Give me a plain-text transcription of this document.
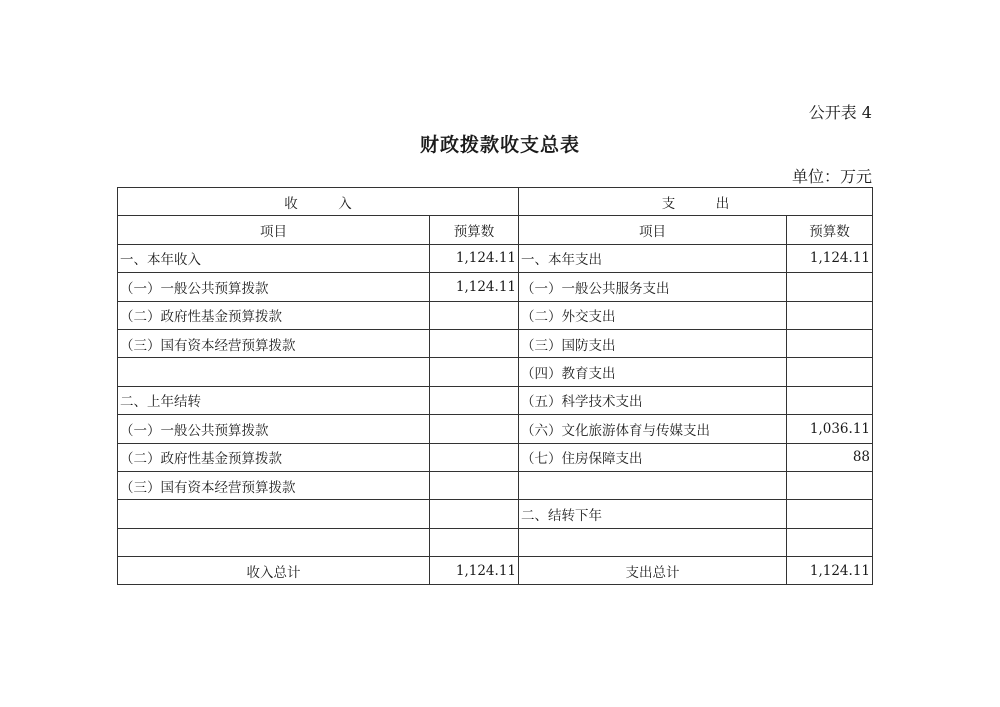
公开表 4
财政拨款收支总表
单位：万元
收　　　入		支　　　出	
项目	预算数	项目	预算数
一、本年收入	1,124.11	一、本年支出	1,124.11
（一）一般公共预算拨款	1,124.11	（一）一般公共服务支出	
（二）政府性基金预算拨款		（二）外交支出	
（三）国有资本经营预算拨款		（三）国防支出	
		（四）教育支出	
二、上年结转		（五）科学技术支出	
（一）一般公共预算拨款		（六）文化旅游体育与传媒支出	1,036.11
（二）政府性基金预算拨款		（七）住房保障支出	88
（三）国有资本经营预算拨款			
		二、结转下年	

收入总计	1,124.11	支出总计	1,124.11
